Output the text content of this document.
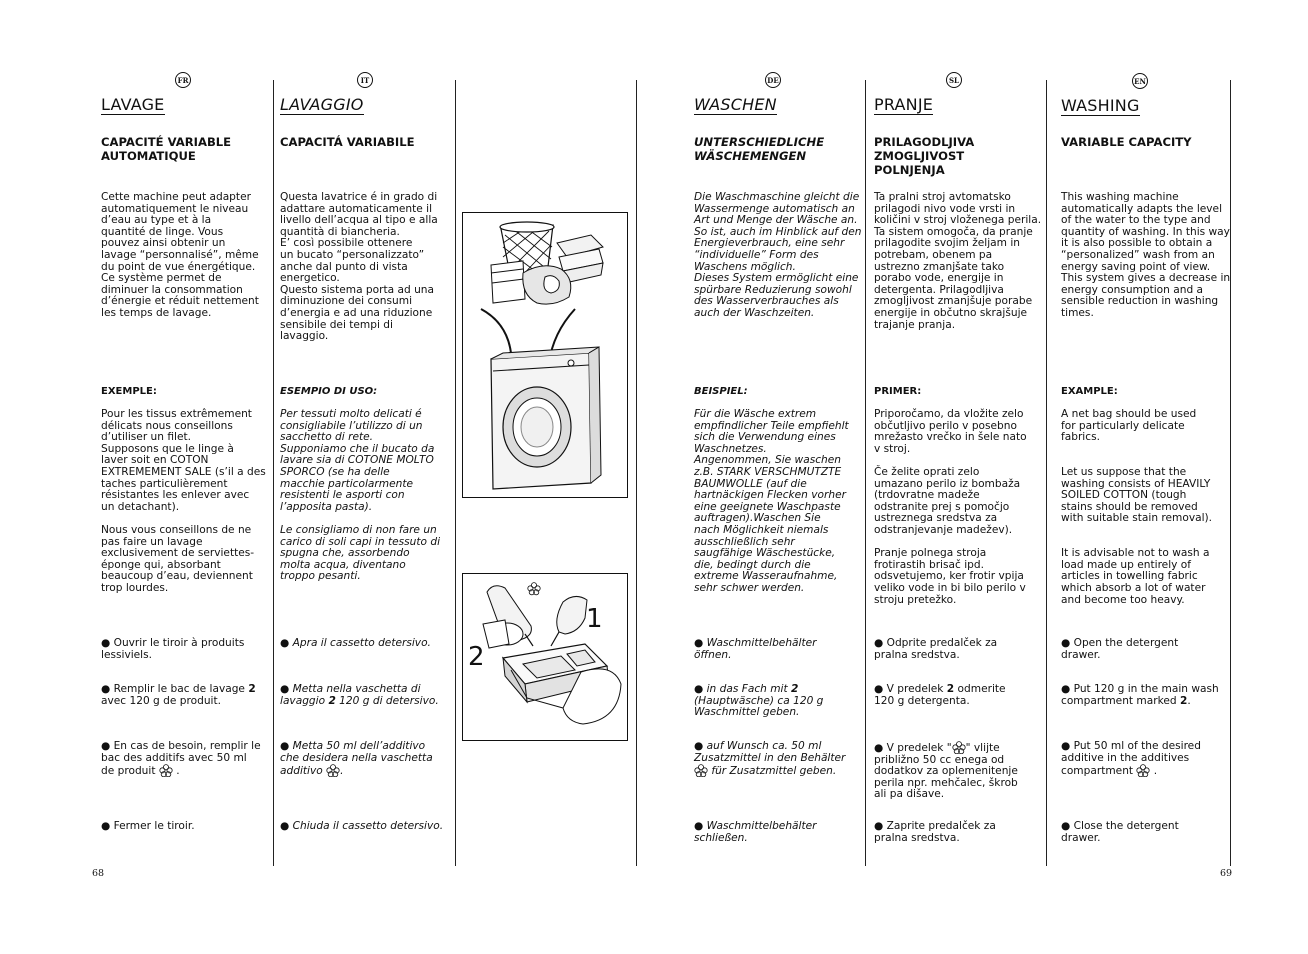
FR
LAVAGE
CAPACITÉ VARIABLE
AUTOMATIQUE
Cette machine peut adapter
automatiquement le niveau
d’eau au type et à la
quantité de linge. Vous
pouvez ainsi obtenir un
lavage “personnalisé”, même
du point de vue énergétique.
Ce système permet de
diminuer la consommation
d’énergie et réduit nettement
les temps de lavage.
EXEMPLE:
Pour les tissus extrêmement
délicats nous conseillons
d’utiliser un filet.
Supposons que le linge à
laver soit en COTON
EXTREMEMENT SALE (s’il a des
taches particulièrement
résistantes les enlever avec
un detachant).

Nous vous conseillons de ne
pas faire un lavage
exclusivement de serviettes-
éponge qui, absorbant
beaucoup d’eau, deviennent
trop lourdes.
● Ouvrir le tiroir à produits
lessiviels.
● Remplir le bac de lavage 2
avec 120 g de produit.
● En cas de besoin, remplir le
bac des additifs avec 50 ml
de produit  .
● Fermer le tiroir.
IT
LAVAGGIO
CAPACITÁ VARIABILE
Questa lavatrice é in grado di
adattare automaticamente il
livello dell’acqua al tipo e alla
quantità di biancheria.
E’ così possibile ottenere
un bucato “personalizzato”
anche dal punto di vista
energetico.
Questo sistema porta ad una
diminuzione dei consumi
d’energia e ad una riduzione
sensibile dei tempi di
lavaggio.
ESEMPIO DI USO:
Per tessuti molto delicati é
consigliabile l’utilizzo di un
sacchetto di rete.
Supponiamo che il bucato da
lavare sia di COTONE MOLTO
SPORCO (se ha delle
macchie particolarmente
resistenti le asporti con
l’apposita pasta).

Le consigliamo di non fare un
carico di soli capi in tessuto di
spugna che, assorbendo
molta acqua, diventano
troppo pesanti.
● Apra il cassetto detersivo.
● Metta nella vaschetta di
lavaggio 2 120 g di detersivo.
● Metta 50 ml dell’additivo
che desidera nella vaschetta
additivo .
● Chiuda il cassetto detersivo.
1
2
DE
WASCHEN
UNTERSCHIEDLICHE
WÄSCHEMENGEN
Die Waschmaschine gleicht die
Wassermenge automatisch an
Art und Menge der Wäsche an.
So ist, auch im Hinblick auf den
Energieverbrauch, eine sehr
“individuelle” Form des
Waschens möglich.
Dieses System ermöglicht eine
spürbare Reduzierung sowohl
des Wasserverbrauches als
auch der Waschzeiten.
BEISPIEL:
Für die Wäsche extrem
empfindlicher Teile empfiehlt
sich die Verwendung eines
Waschnetzes.
Angenommen, Sie waschen
z.B. STARK VERSCHMUTZTE
BAUMWOLLE (auf die
hartnäckigen Flecken vorher
eine geeignete Waschpaste
auftragen).Waschen Sie
nach Möglichkeit niemals
ausschließlich sehr
saugfähige Wäschestücke,
die, bedingt durch die
extreme Wasseraufnahme,
sehr schwer werden.
● Waschmittelbehälter
öffnen.
● in das Fach mit 2
(Hauptwäsche) ca 120 g
Waschmittel geben.
● auf Wunsch ca. 50 ml
Zusatzmittel in den Behälter
für Zusatzmittel geben.
● Waschmittelbehälter
schließen.
SL
PRANJE
PRILAGODLJIVA
ZMOGLJIVOST
POLNJENJA
Ta pralni stroj avtomatsko
prilagodi nivo vode vrsti in
količini v stroj vloženega perila.
Ta sistem omogoča, da pranje
prilagodite svojim željam in
potrebam, obenem pa
ustrezno zmanjšate tako
porabo vode, energije in
detergenta. Prilagodljiva
zmogljivost zmanjšuje porabe
energije in občutno skrajšuje
trajanje pranja.
PRIMER:
Priporočamo, da vložite zelo
občutljivo perilo v posebno
mrežasto vrečko in šele nato
v stroj.

Če želite oprati zelo
umazano perilo iz bombaža
(trdovratne madeže
odstranite prej s pomočjo
ustreznega sredstva za
odstranjevanje madežev).

Pranje polnega stroja
frotirastih brisač ipd.
odsvetujemo, ker frotir vpija
veliko vode in bi bilo perilo v
stroju pretežko.
● Odprite predalček za
pralna sredstva.
● V predelek 2 odmerite
120 g detergenta.
● V predelek " " vlijte
približno 50 cc enega od
dodatkov za oplemenitenje
perila npr. mehčalec, škrob
ali pa dišave.
● Zaprite predalček za
pralna sredstva.
EN
WASHING
VARIABLE CAPACITY
This washing machine
automatically adapts the level
of the water to the type and
quantity of washing. In this way
it is also possible to obtain a
“personalized” wash from an
energy saving point of view.
This system gives a decrease in
energy consumption and a
sensible reduction in washing
times.
EXAMPLE:
A net bag should be used
for particularly delicate
fabrics.

Let us suppose that the
washing consists of HEAVILY
SOILED COTTON (tough
stains should be removed
with suitable stain removal).

It is advisable not to wash a
load made up entirely of
articles in towelling fabric
which absorb a lot of water
and become too heavy.
● Open the detergent
drawer.
● Put 120 g in the main wash
compartment marked 2.
● Put 50 ml of the desired
additive in the additives
compartment  .
● Close the detergent
drawer.
68	69
